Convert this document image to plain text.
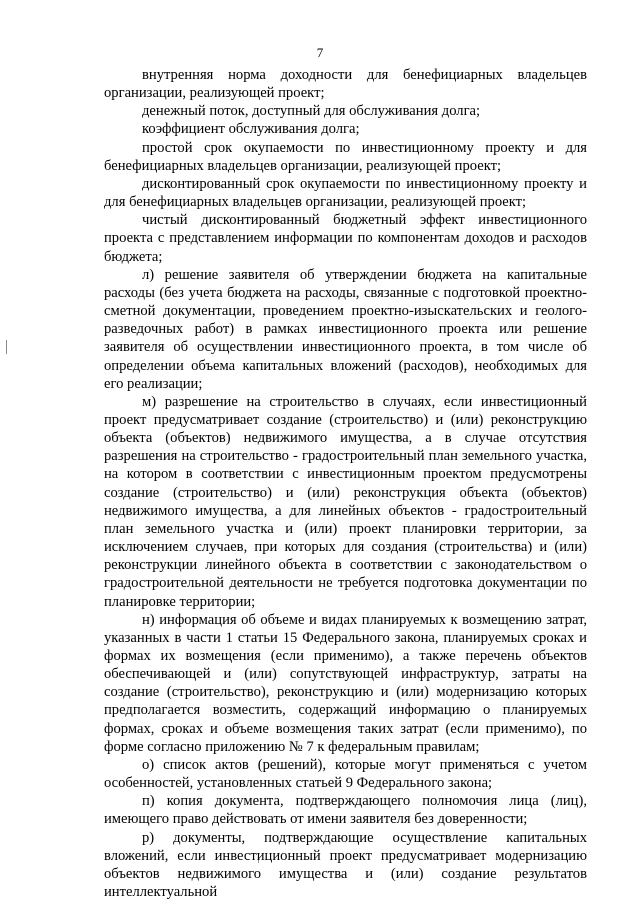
7

внутренняя норма доходности для бенефициарных владельцев организации, реализующей проект;

денежный поток, доступный для обслуживания долга;

коэффициент обслуживания долга;

простой срок окупаемости по инвестиционному проекту и для бенефициарных владельцев организации, реализующей проект;

дисконтированный срок окупаемости по инвестиционному проекту и для бенефициарных владельцев организации, реализующей проект;

чистый дисконтированный бюджетный эффект инвестиционного проекта с представлением информации по компонентам доходов и расходов бюджета;

л) решение заявителя об утверждении бюджета на капитальные расходы (без учета бюджета на расходы, связанные с подготовкой проектно-сметной документации, проведением проектно-изыскательских и геолого-разведочных работ) в рамках инвестиционного проекта или решение заявителя об осуществлении инвестиционного проекта, в том числе об определении объема капитальных вложений (расходов), необходимых для его реализации;

м) разрешение на строительство в случаях, если инвестиционный проект предусматривает создание (строительство) и (или) реконструкцию объекта (объектов) недвижимого имущества, а в случае отсутствия разрешения на строительство - градостроительный план земельного участка, на котором в соответствии с инвестиционным проектом предусмотрены создание (строительство) и (или) реконструкция объекта (объектов) недвижимого имущества, а для линейных объектов - градостроительный план земельного участка и (или) проект планировки территории, за исключением случаев, при которых для создания (строительства) и (или) реконструкции линейного объекта в соответствии с законодательством о градостроительной деятельности не требуется подготовка документации по планировке территории;

н) информация об объеме и видах планируемых к возмещению затрат, указанных в части 1 статьи 15 Федерального закона, планируемых сроках и формах их возмещения (если применимо), а также перечень объектов обеспечивающей и (или) сопутствующей инфраструктур, затраты на создание (строительство), реконструкцию и (или) модернизацию которых предполагается возместить, содержащий информацию о планируемых формах, сроках и объеме возмещения таких затрат (если применимо), по форме согласно приложению № 7 к федеральным правилам;

о) список актов (решений), которые могут применяться с учетом особенностей, установленных статьей 9 Федерального закона;

п) копия документа, подтверждающего полномочия лица (лиц), имеющего право действовать от имени заявителя без доверенности;

р) документы, подтверждающие осуществление капитальных вложений, если инвестиционный проект предусматривает модернизацию объектов недвижимого имущества и (или) создание результатов интеллектуальной
